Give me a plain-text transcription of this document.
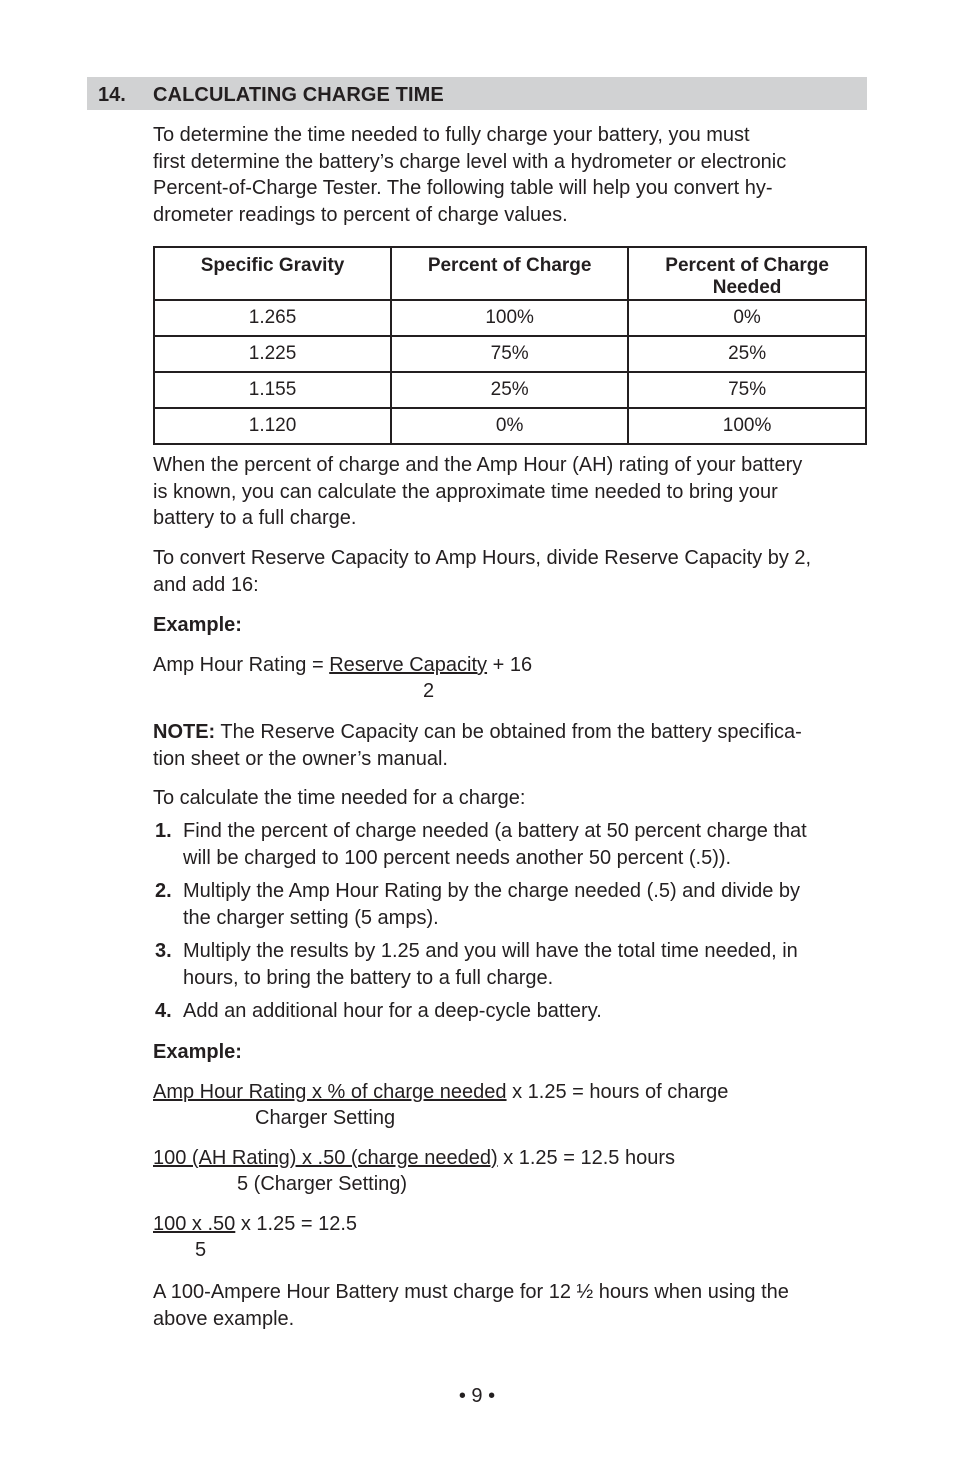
14. CALCULATING CHARGE TIME
To determine the time needed to fully charge your battery, you must
first determine the battery’s charge level with a hydrometer or electronic
Percent-of-Charge Tester. The following table will help you convert hy-
drometer readings to percent of charge values.
Specific Gravity	Percent of Charge	Percent of Charge Needed

1.265	100%	0%
1.225	75%	25%
1.155	25%	75%
1.120	0%	100%
When the percent of charge and the Amp Hour (AH) rating of your battery
is known, you can calculate the approximate time needed to bring your
battery to a full charge.
To convert Reserve Capacity to Amp Hours, divide Reserve Capacity by 2,
and add 16:
Example:
Amp Hour Rating = Reserve Capacity + 16
2
NOTE: The Reserve Capacity can be obtained from the battery specifica-
tion sheet or the owner’s manual.
To calculate the time needed for a charge:
1. Find the percent of charge needed (a battery at 50 percent charge that
will be charged to 100 percent needs another 50 percent (.5)).
2. Multiply the Amp Hour Rating by the charge needed (.5) and divide by
the charger setting (5 amps).
3. Multiply the results by 1.25 and you will have the total time needed, in
hours, to bring the battery to a full charge.
4. Add an additional hour for a deep-cycle battery.
Example:
Amp Hour Rating x % of charge needed x 1.25 = hours of charge
Charger Setting
100 (AH Rating) x .50 (charge needed) x 1.25 = 12.5 hours
5 (Charger Setting)
100 x .50 x 1.25 = 12.5
5
A 100-Ampere Hour Battery must charge for 12 ½ hours when using the
above example.
• 9 •
